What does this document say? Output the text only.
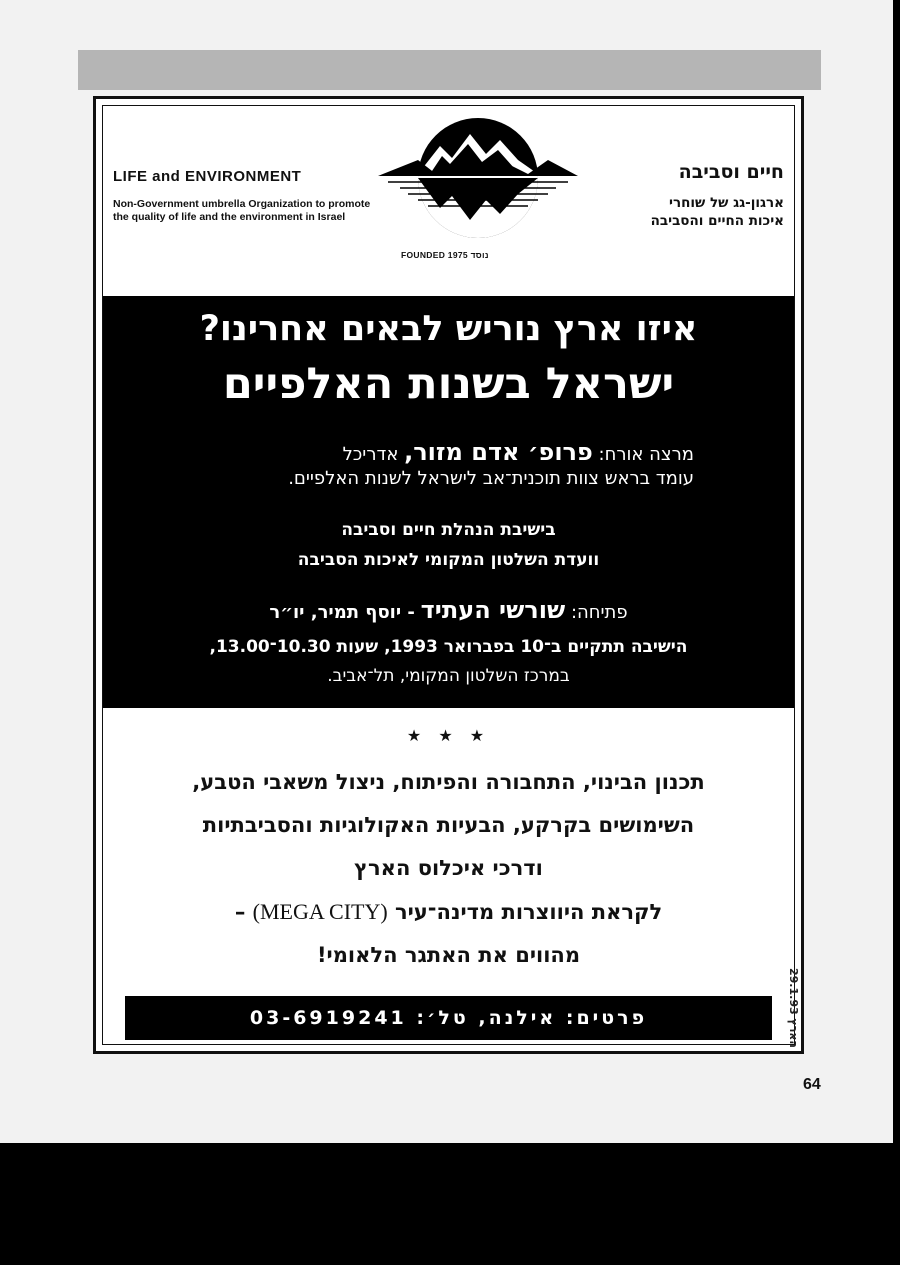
LIFE and ENVIRONMENT
Non-Government umbrella Organization to promote the quality of life and the environment in Israel
FOUNDED 1975 נוסד
חיים וסביבה
ארגון-גג של שוחרי
איכות החיים והסביבה
איזו ארץ נוריש לבאים אחרינו?
ישראל בשנות האלפיים
מרצה אורח: פרופ׳ אדם מזור, אדריכל
עומד בראש צוות תוכנית־אב לישראל לשנות האלפיים.
בישיבת הנהלת חיים וסביבה
וועדת השלטון המקומי לאיכות הסביבה
פתיחה: שורשי העתיד - יוסף תמיר, יו״ר
הישיבה תתקיים ב־10 בפברואר 1993, שעות 10.30־13.00,
במרכז השלטון המקומי, תל־אביב.
★ ★ ★
תכנון הבינוי, התחבורה והפיתוח, ניצול משאבי הטבע,
השימושים בקרקע, הבעיות האקולוגיות והסביבתיות
ודרכי איכלוס הארץ
לקראת היווצרות מדינה־עיר (MEGA CITY) –
מהווים את האתגר הלאומי!
פרטים: אילנה, טל׳: 03-6919241
הארץ 29.1.93
64
